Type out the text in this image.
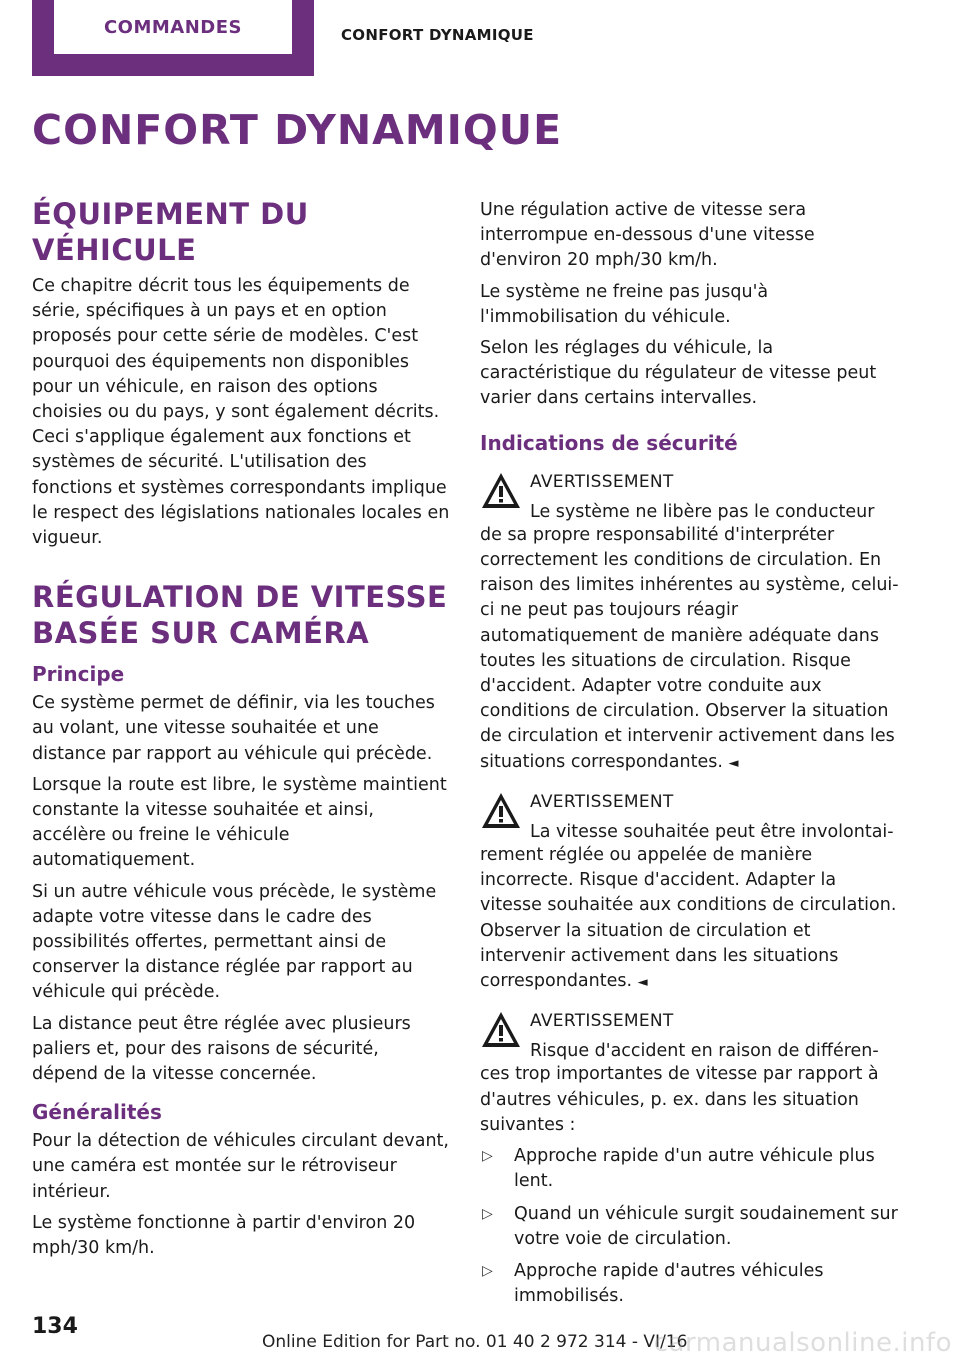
COMMANDES	CONFORT DYNAMIQUE
CONFORT DYNAMIQUE
ÉQUIPEMENT DU VÉHICULE

Ce chapitre décrit tous les équipements de série, spécifiques à un pays et en option proposés pour cette série de modèles. C'est pourquoi des équipements non disponibles pour un véhicule, en raison des options choisies ou du pays, y sont également décrits. Ceci s'applique également aux fonctions et systèmes de sécurité. L'utilisation des fonctions et systèmes correspondants implique le respect des législations nationales locales en vigueur.

RÉGULATION DE VITESSE BASÉE SUR CAMÉRA
Principe

Ce système permet de définir, via les touches au volant, une vitesse souhaitée et une distance par rapport au véhicule qui précède.

Lorsque la route est libre, le système maintient constante la vitesse souhaitée et ainsi, accélère ou freine le véhicule automatiquement.

Si un autre véhicule vous précède, le système adapte votre vitesse dans le cadre des possibilités offertes, permettant ainsi de conserver la distance réglée par rapport au véhicule qui précède.

La distance peut être réglée avec plusieurs paliers et, pour des raisons de sécurité, dépend de la vitesse concernée.

Généralités

Pour la détection de véhicules circulant devant, une caméra est montée sur le rétroviseur intérieur.

Le système fonctionne à partir d'environ 20 mph/30 km/h.

Une régulation active de vitesse sera interrompue en-dessous d'une vitesse d'environ 20 mph/30 km/h.

Le système ne freine pas jusqu'à l'immobilisation du véhicule.

Selon les réglages du véhicule, la caractéristique du régulateur de vitesse peut varier dans certains intervalles.

Indications de sécurité
AVERTISSEMENT
Le système ne libère pas le conducteur

de sa propre responsabilité d'interpréter correctement les conditions de circulation. En raison des limites inhérentes au système, celui-ci ne peut pas toujours réagir automatiquement de manière adéquate dans toutes les situations de circulation. Risque d'accident. Adapter votre conduite aux conditions de circulation. Observer la situation de circulation et intervenir activement dans les situations correspondantes. ◄

AVERTISSEMENT
La vitesse souhaitée peut être involontai-

rement réglée ou appelée de manière incorrecte. Risque d'accident. Adapter la vitesse souhaitée aux conditions de circulation. Observer la situation de circulation et intervenir activement dans les situations correspondantes. ◄

AVERTISSEMENT
Risque d'accident en raison de différen-

ces trop importantes de vitesse par rapport à d'autres véhicules, p. ex. dans les situation suivantes :

▷ Approche rapide d'un autre véhicule plus lent.
▷ Quand un véhicule surgit soudainement sur votre voie de circulation.
▷ Approche rapide d'autres véhicules immobilisés.
134
Online Edition for Part no. 01 40 2 972 314 - VI/16
carmanualsonline.info
